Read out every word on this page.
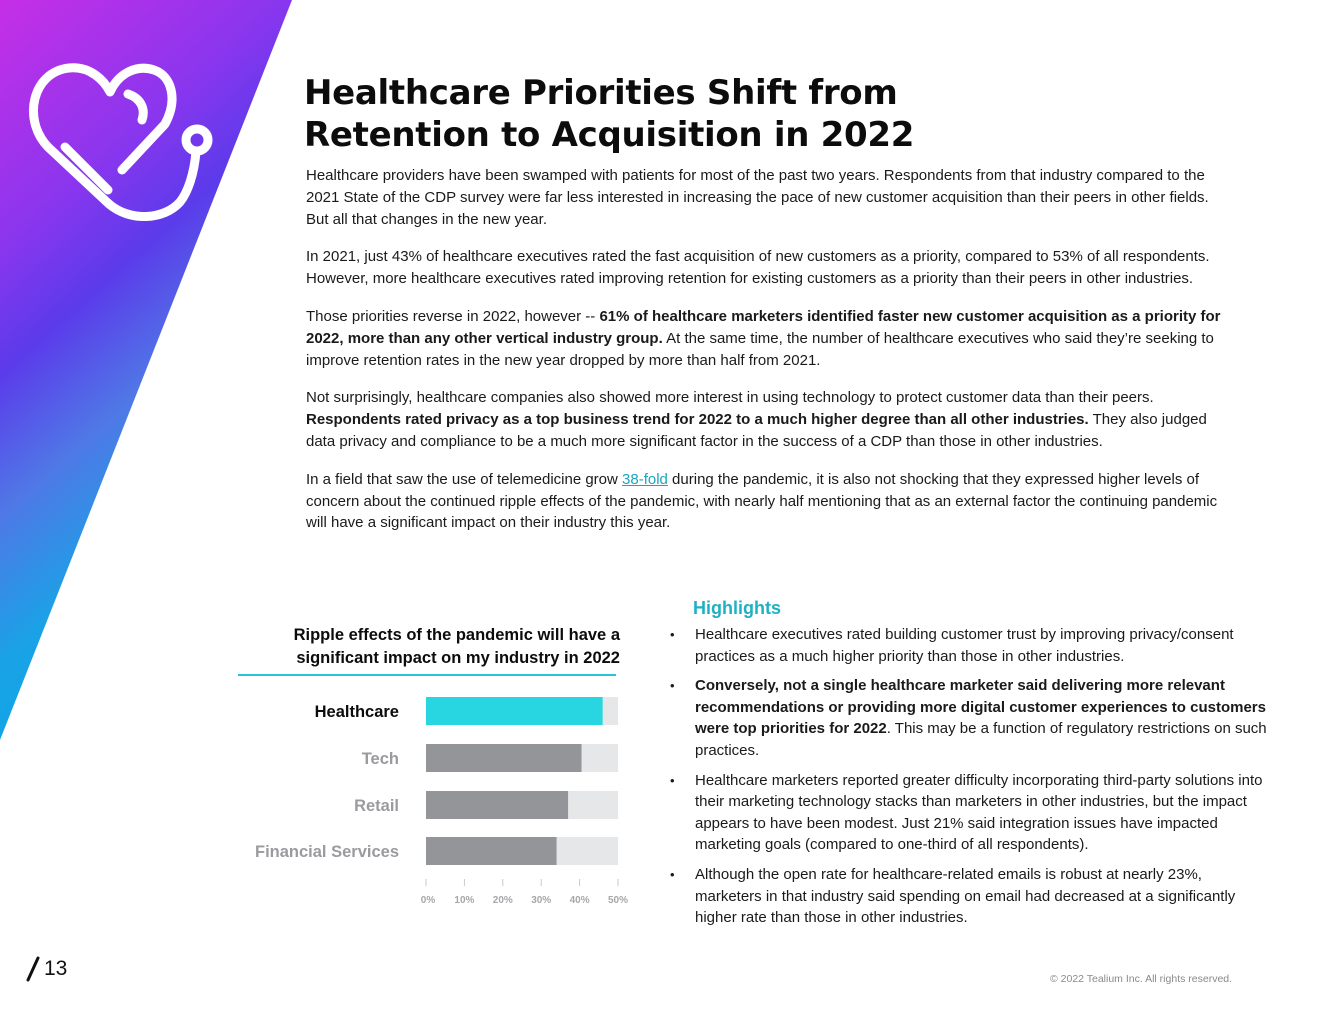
Healthcare Priorities Shift from
Retention to Acquisition in 2022

Healthcare providers have been swamped with patients for most of the past two years. Respondents from that industry compared to the 2021 State of the CDP survey were far less interested in increasing the pace of new customer acquisition than their peers in other fields. But all that changes in the new year.

In 2021, just 43% of healthcare executives rated the fast acquisition of new customers as a priority, compared to 53% of all respondents. However, more healthcare executives rated improving retention for existing customers as a priority than their peers in other industries.

Those priorities reverse in 2022, however -- 61% of healthcare marketers identified faster new customer acquisition as a priority for 2022, more than any other vertical industry group. At the same time, the number of healthcare executives who said they’re seeking to improve retention rates in the new year dropped by more than half from 2021.

Not surprisingly, healthcare companies also showed more interest in using technology to protect customer data than their peers. Respondents rated privacy as a top business trend for 2022 to a much higher degree than all other industries. They also judged data privacy and compliance to be a much more significant factor in the success of a CDP than those in other industries.

In a field that saw the use of telemedicine grow 38-fold during the pandemic, it is also not shocking that they expressed higher levels of concern about the continued ripple effects of the pandemic, with nearly half mentioning that as an external factor the continuing pandemic will have a significant impact on their industry this year.

Ripple effects of the pandemic will have a significant impact on my industry in 2022
Healthcare
Tech
Retail
Financial Services
0% 10% 20% 30% 40% 50%
Highlights
• Healthcare executives rated building customer trust by improving privacy/consent practices as a much higher priority than those in other industries.
• Conversely, not a single healthcare marketer said delivering more relevant recommendations or providing more digital customer experiences to customers were top priorities for 2022. This may be a function of regulatory restrictions on such practices.
• Healthcare marketers reported greater difficulty incorporating third-party solutions into their marketing technology stacks than marketers in other industries, but the impact appears to have been modest. Just 21% said integration issues have impacted marketing goals (compared to one-third of all respondents).
• Although the open rate for healthcare-related emails is robust at nearly 23%, marketers in that industry said spending on email had decreased at a significantly higher rate than those in other industries.
13	© 2022 Tealium Inc. All rights reserved.
